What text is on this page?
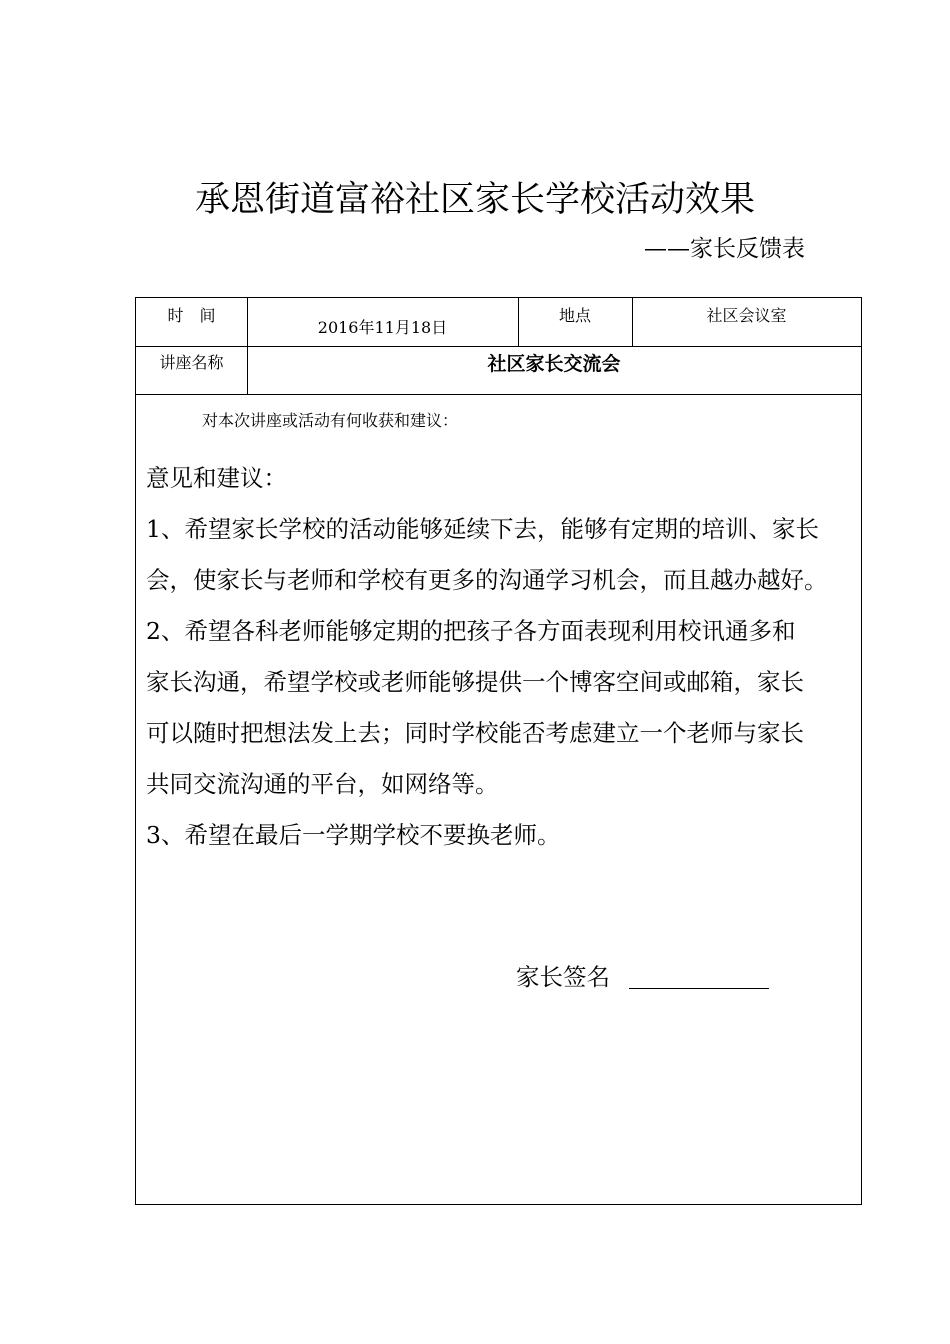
承恩街道富裕社区家长学校活动效果
——家长反馈表
时　间
2016年11月18日
地点	社区会议室
讲座名称	社区家长交流会
对本次讲座或活动有何收获和建议：
意见和建议：
1、希望家长学校的活动能够延续下去，能够有定期的培训、家长
会，使家长与老师和学校有更多的沟通学习机会，而且越办越好。
2、希望各科老师能够定期的把孩子各方面表现利用校讯通多和
家长沟通，希望学校或老师能够提供一个博客空间或邮箱，家长
可以随时把想法发上去；同时学校能否考虑建立一个老师与家长
共同交流沟通的平台，如网络等。
3、希望在最后一学期学校不要换老师。
家长签名
